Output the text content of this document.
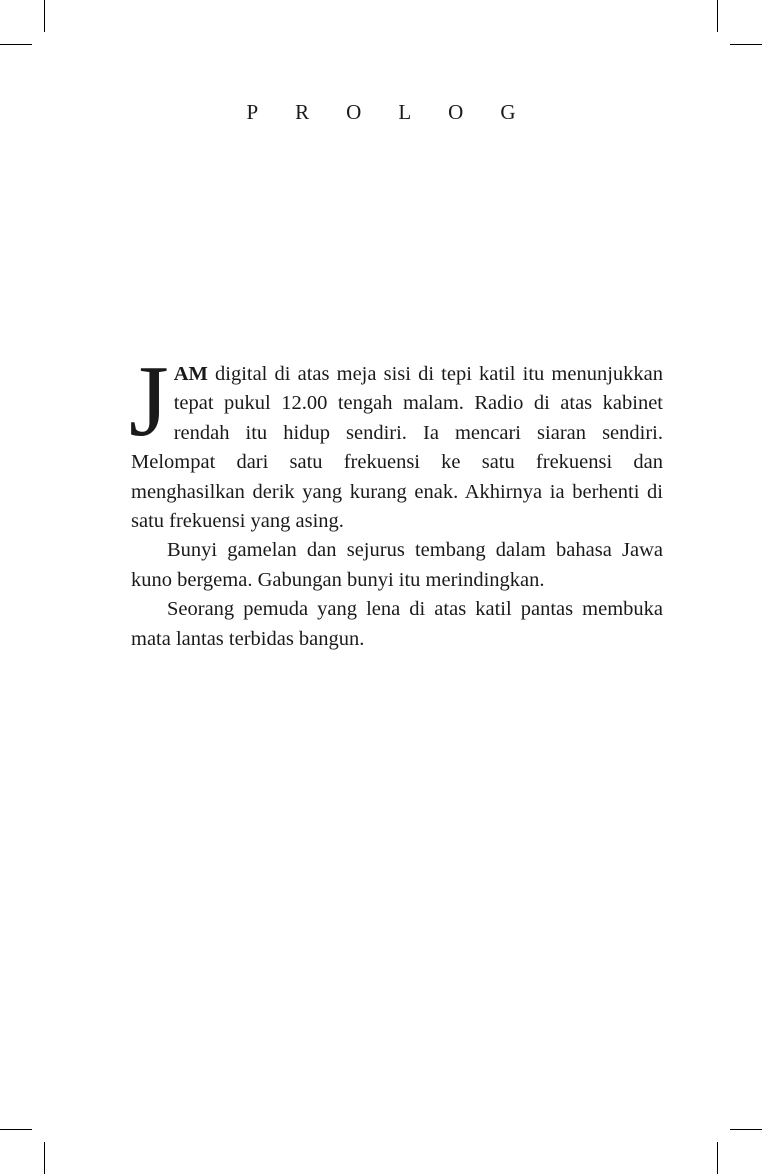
PROLOG

JAM digital di atas meja sisi di tepi katil itu menunjukkan tepat pukul 12.00 tengah malam. Radio di atas kabinet rendah itu hidup sendiri. Ia mencari siaran sendiri. Melompat dari satu frekuensi ke satu frekuensi dan menghasilkan derik yang kurang enak. Akhirnya ia berhenti di satu frekuensi yang asing.

Bunyi gamelan dan sejurus tembang dalam bahasa Jawa kuno bergema. Gabungan bunyi itu merindingkan.

Seorang pemuda yang lena di atas katil pantas membuka mata lantas terbidas bangun.
